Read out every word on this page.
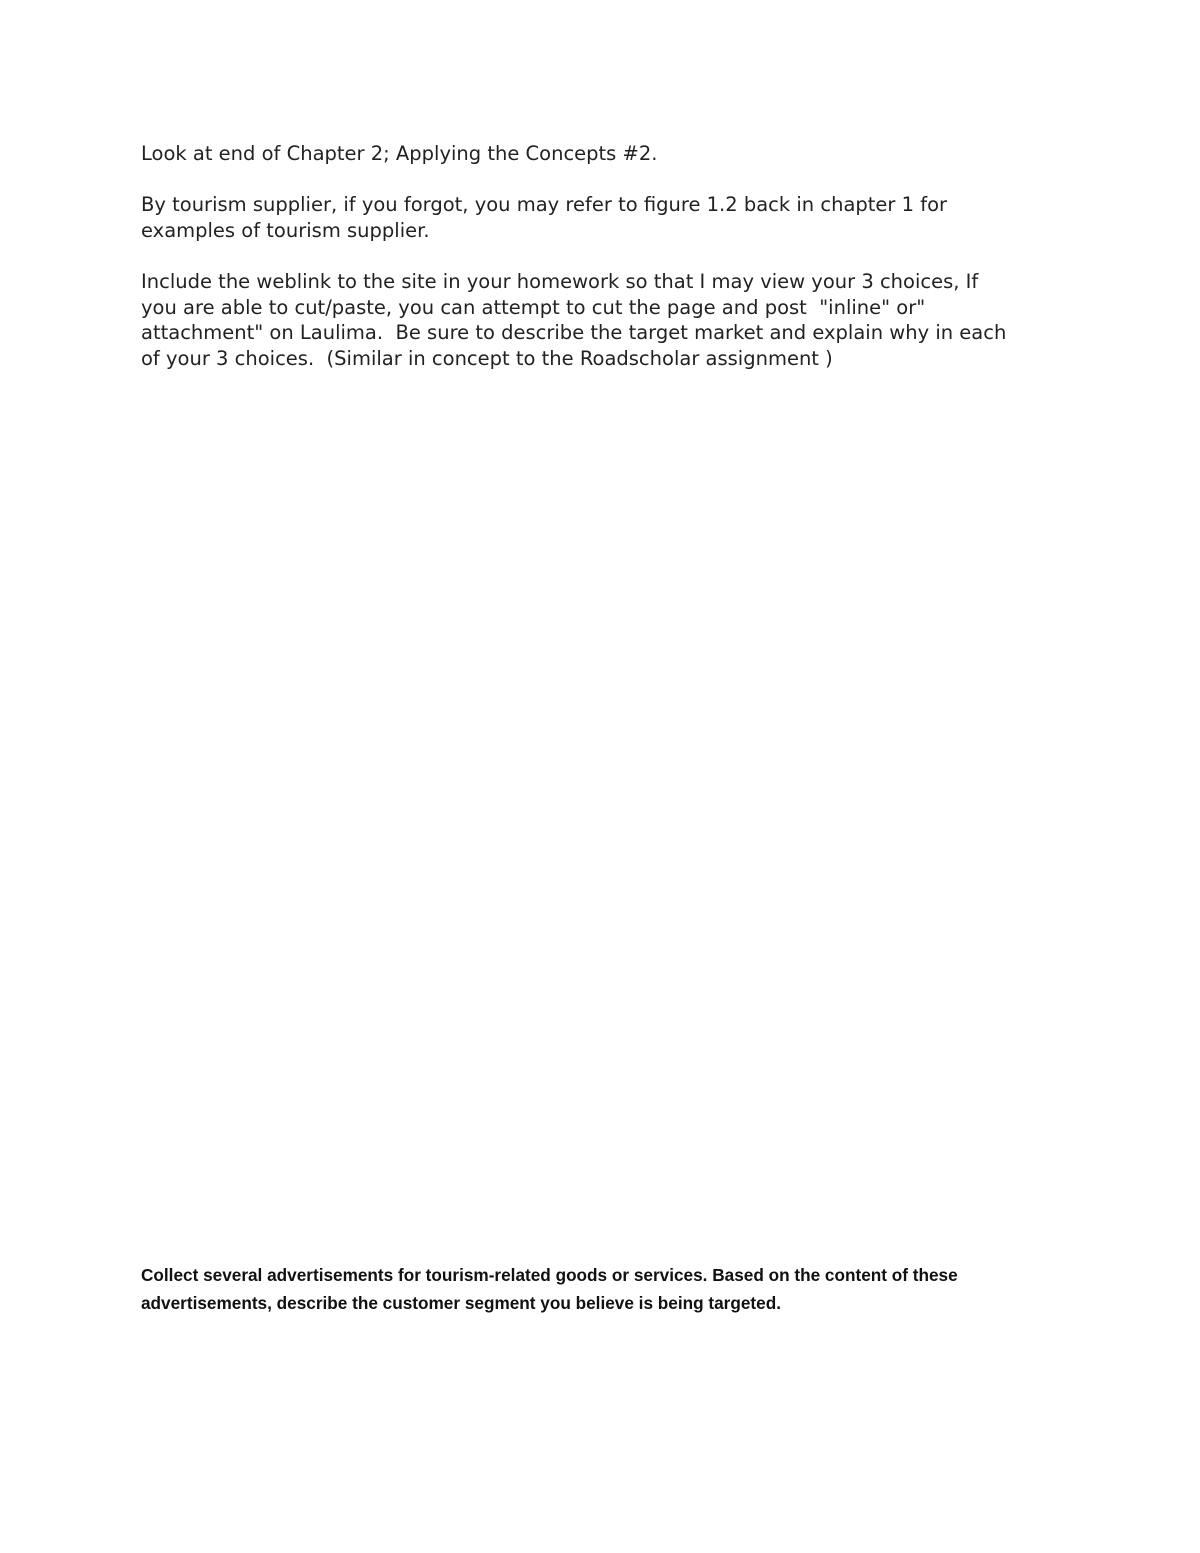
Look at end of Chapter 2; Applying the Concepts #2.

By tourism supplier, if you forgot, you may refer to figure 1.2 back in chapter 1 for
examples of tourism supplier.

Include the weblink to the site in your homework so that I may view your 3 choices, If
you are able to cut/paste, you can attempt to cut the page and post  "inline" or"
attachment" on Laulima.  Be sure to describe the target market and explain why in each
of your 3 choices.  (Similar in concept to the Roadscholar assignment )

Collect several advertisements for tourism-related goods or services. Based on the content of these
advertisements, describe the customer segment you believe is being targeted.
